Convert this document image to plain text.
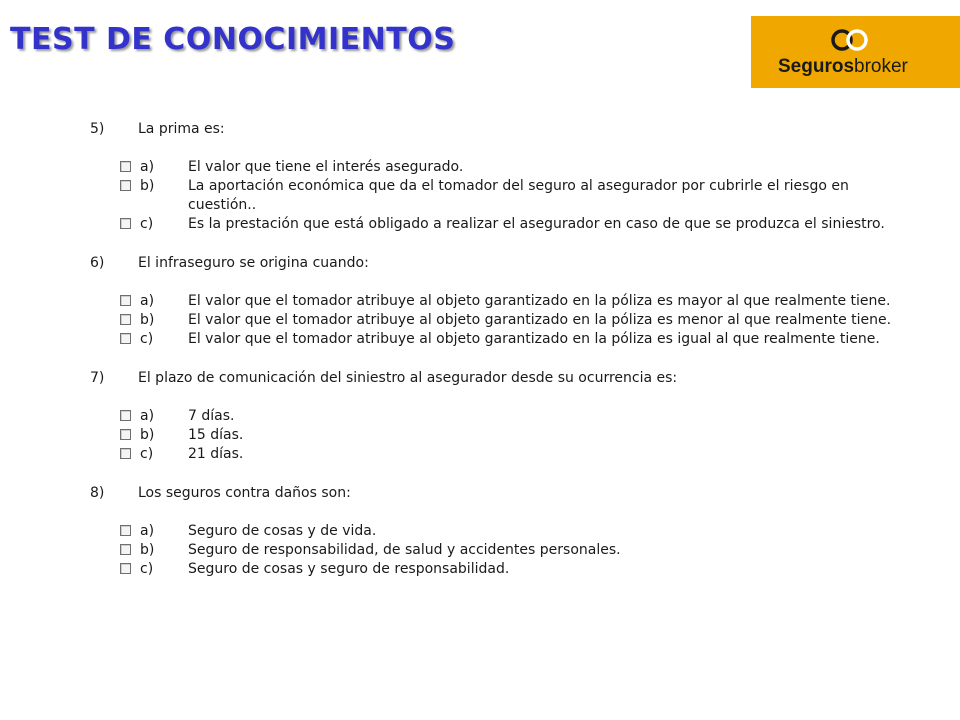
TEST DE CONOCIMIENTOS
Seguros broker
5)	La prima es:
a)	El valor que tiene el interés asegurado.
b)	La aportación económica que da el tomador del seguro al asegurador por cubrirle el riesgo en cuestión..
c)	Es la prestación que está obligado a realizar el asegurador en caso de que se produzca el siniestro.
6)	El infraseguro se origina cuando:
a)	El valor que el tomador atribuye al objeto garantizado en la póliza es mayor al que realmente tiene.
b)	El valor que el tomador atribuye al objeto garantizado en la póliza es menor al que realmente tiene.
c)	El valor que el tomador atribuye al objeto garantizado en la póliza es igual al que realmente tiene.
7)	El plazo de comunicación del siniestro al asegurador desde su ocurrencia es:
a)	7 días.
b)	15 días.
c)	21 días.
8)	Los seguros contra daños son:
a)	Seguro de cosas y de vida.
b)	Seguro de responsabilidad, de salud y accidentes personales.
c)	Seguro de cosas y seguro de responsabilidad.
